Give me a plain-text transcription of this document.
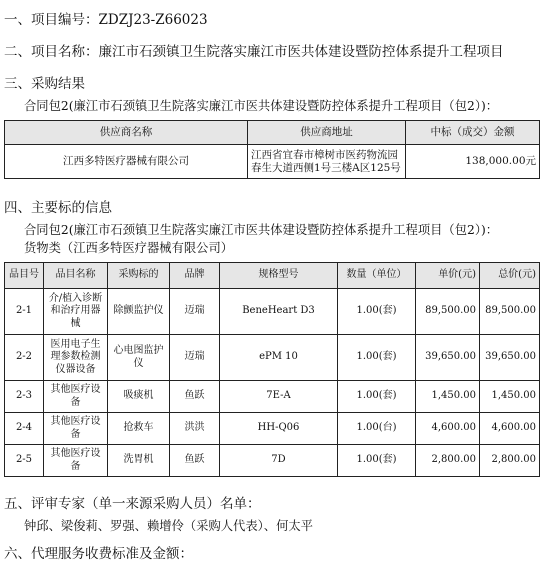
一、项目编号：ZDZJ23-Z66023
二、项目名称：廉江市石颈镇卫生院落实廉江市医共体建设暨防控体系提升工程项目
三、采购结果
合同包2(廉江市石颈镇卫生院落实廉江市医共体建设暨防控体系提升工程项目（包2）)：
供应商名称	供应商地址	中标（成交）金额
江西多特医疗器械有限公司	江西省宜春市樟树市医药物流园春生大道西侧1号三楼A区125号	138,000.00元
四、主要标的信息
合同包2(廉江市石颈镇卫生院落实廉江市医共体建设暨防控体系提升工程项目（包2）)：
货物类（江西多特医疗器械有限公司）
品目号	品目名称	采购标的	品牌	规格型号	数量（单位）	单价(元)	总价(元)
2-1	介/植入诊断和治疗用器械	除颤监护仪	迈瑞	BeneHeart D3	1.00(套)	89,500.00	89,500.00
2-2	医用电子生理参数检测仪器设备	心电图监护仪	迈瑞	ePM 10	1.00(套)	39,650.00	39,650.00
2-3	其他医疗设备	吸痰机	鱼跃	7E-A	1.00(套)	1,450.00	1,450.00
2-4	其他医疗设备	抢救车	洪洪	HH-Q06	1.00(台)	4,600.00	4,600.00
2-5	其他医疗设备	洗胃机	鱼跃	7D	1.00(套)	2,800.00	2,800.00
五、评审专家（单一来源采购人员）名单：
钟邱、梁俊莉、罗强、赖增伶（采购人代表）、何太平
六、代理服务收费标准及金额：
